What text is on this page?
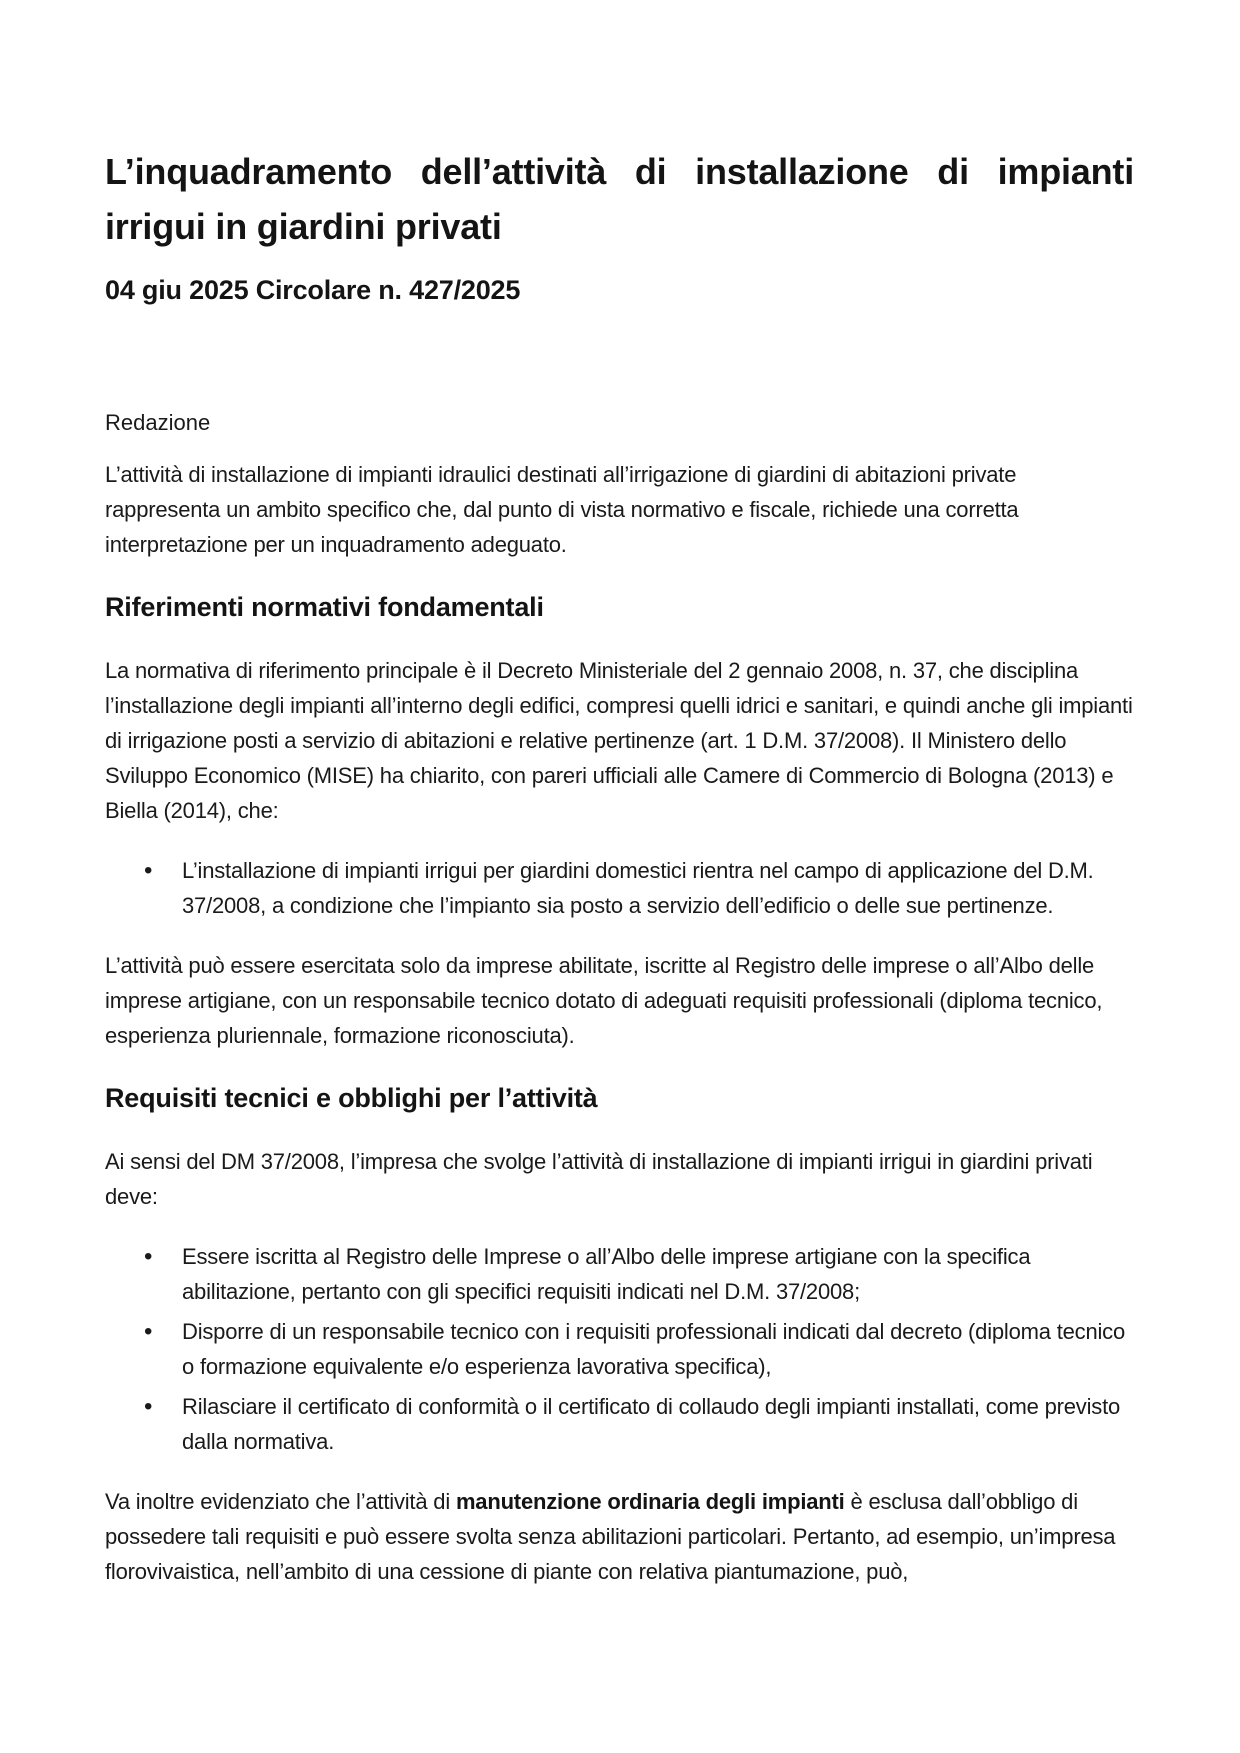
L’inquadramento dell’attività di installazione di impianti
irrigui in giardini privati
04 giu 2025 Circolare n. 427/2025
Redazione

L’attività di installazione di impianti idraulici destinati all’irrigazione di giardini di abitazioni private rappresenta un ambito specifico che, dal punto di vista normativo e fiscale, richiede una corretta interpretazione per un inquadramento adeguato.

Riferimenti normativi fondamentali

La normativa di riferimento principale è il Decreto Ministeriale del 2 gennaio 2008, n. 37, che disciplina l’installazione degli impianti all’interno degli edifici, compresi quelli idrici e sanitari, e quindi anche gli impianti di irrigazione posti a servizio di abitazioni e relative pertinenze (art. 1 D.M. 37/2008). Il Ministero dello Sviluppo Economico (MISE) ha chiarito, con pareri ufficiali alle Camere di Commercio di Bologna (2013) e Biella (2014), che:

• L’installazione di impianti irrigui per giardini domestici rientra nel campo di applicazione del D.M. 37/2008, a condizione che l’impianto sia posto a servizio dell’edificio o delle sue pertinenze.

L’attività può essere esercitata solo da imprese abilitate, iscritte al Registro delle imprese o all’Albo delle imprese artigiane, con un responsabile tecnico dotato di adeguati requisiti professionali (diploma tecnico, esperienza pluriennale, formazione riconosciuta).

Requisiti tecnici e obblighi per l’attività

Ai sensi del DM 37/2008, l’impresa che svolge l’attività di installazione di impianti irrigui in giardini privati deve:

• Essere iscritta al Registro delle Imprese o all’Albo delle imprese artigiane con la specifica abilitazione, pertanto con gli specifici requisiti indicati nel D.M. 37/2008;
• Disporre di un responsabile tecnico con i requisiti professionali indicati dal decreto (diploma tecnico o formazione equivalente e/o esperienza lavorativa specifica),
• Rilasciare il certificato di conformità o il certificato di collaudo degli impianti installati, come previsto dalla normativa.

Va inoltre evidenziato che l’attività di manutenzione ordinaria degli impianti è esclusa dall’obbligo di possedere tali requisiti e può essere svolta senza abilitazioni particolari. Pertanto, ad esempio, un’impresa florovivaistica, nell’ambito di una cessione di piante con relativa piantumazione, può,
